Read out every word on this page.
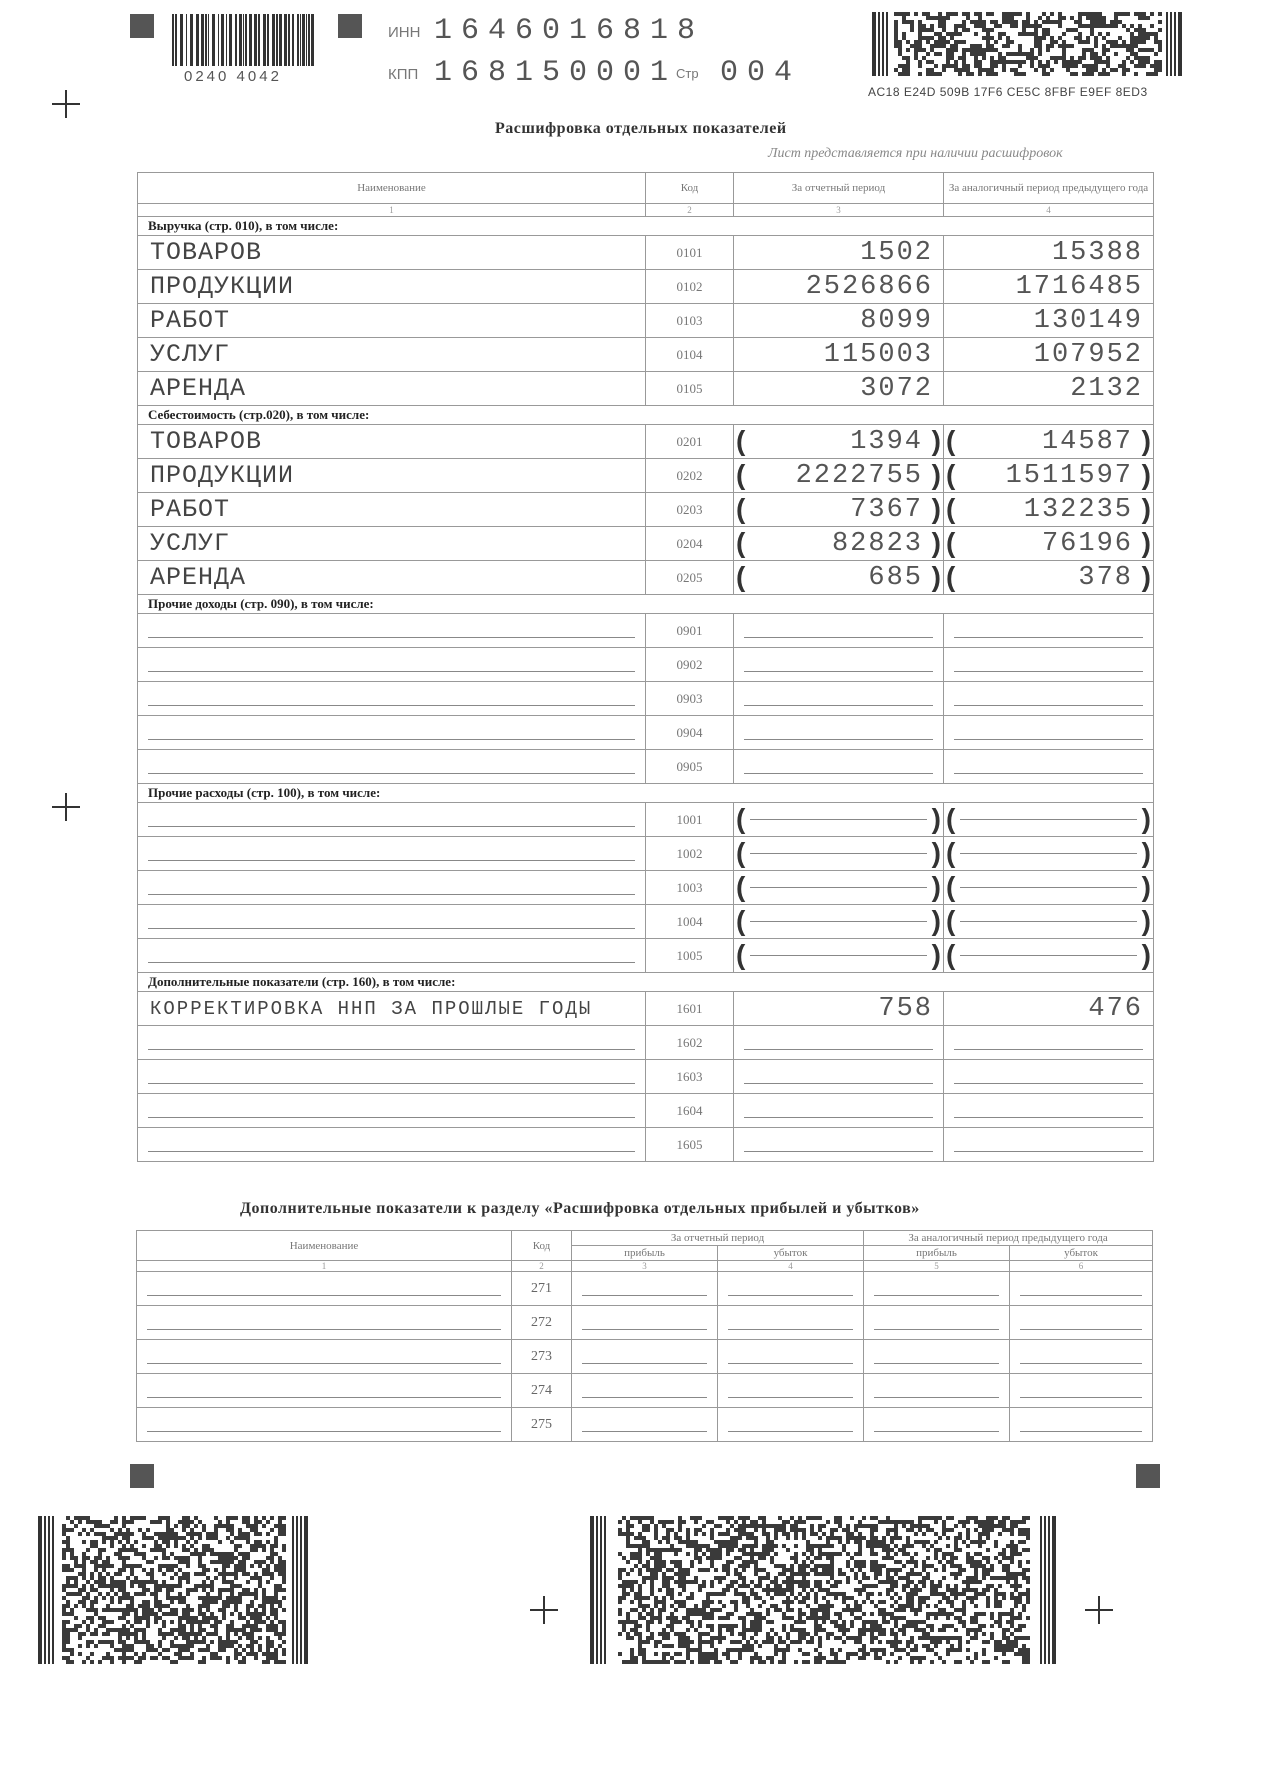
0240 4042
ИНН 1646016818
КПП 168150001
Стр 004
AC18 E24D 509B 17F6 CE5C 8FBF E9EF 8ED3
Расшифровка отдельных показателей
Лист представляется при наличии расшифровок
Наименование	Код	За отчетный период	За аналогичный период предыдущего года
1	2	3	4
Выручка (стр. 010), в том числе:			
ТОВАРОВ	0101	1502	15388
ПРОДУКЦИИ	0102	2526866	1716485
РАБОТ	0103	8099	130149
УСЛУГ	0104	115003	107952
АРЕНДА	0105	3072	2132
Себестоимость (стр.020), в том числе:			
ТОВАРОВ	0201	( 1394 )	( 14587 )

ПРОДУКЦИИ	0202	( 2222755 )	( 1511597 )

РАБОТ	0203	( 7367 )	( 132235 )

УСЛУГ	0204	( 82823 )	( 76196 )

АРЕНДА	0205	( 685 )	( 378 )

Прочие доходы (стр. 090), в том числе:			
	0901		
	0902		
	0903		
	0904		
	0905		
Прочие расходы (стр. 100), в том числе:			
	1001	( )	( )

	1002	( )	( )

	1003	( )	( )

	1004	( )	( )

	1005	( )	( )

Дополнительные показатели (стр. 160), в том числе:			
КОРРЕКТИРОВКА ННП ЗА ПРОШЛЫЕ ГОДЫ	1601	758	476
	1602		
	1603		
	1604		
	1605		
Дополнительные показатели к разделу «Расшифровка отдельных прибылей и убытков»
Наименование	Код	За отчетный период		За аналогичный период предыдущего года	
		прибыль	убыток	прибыль	убыток
1	2	3	4	5	6
	271				
	272				
	273				
	274				
	275				
